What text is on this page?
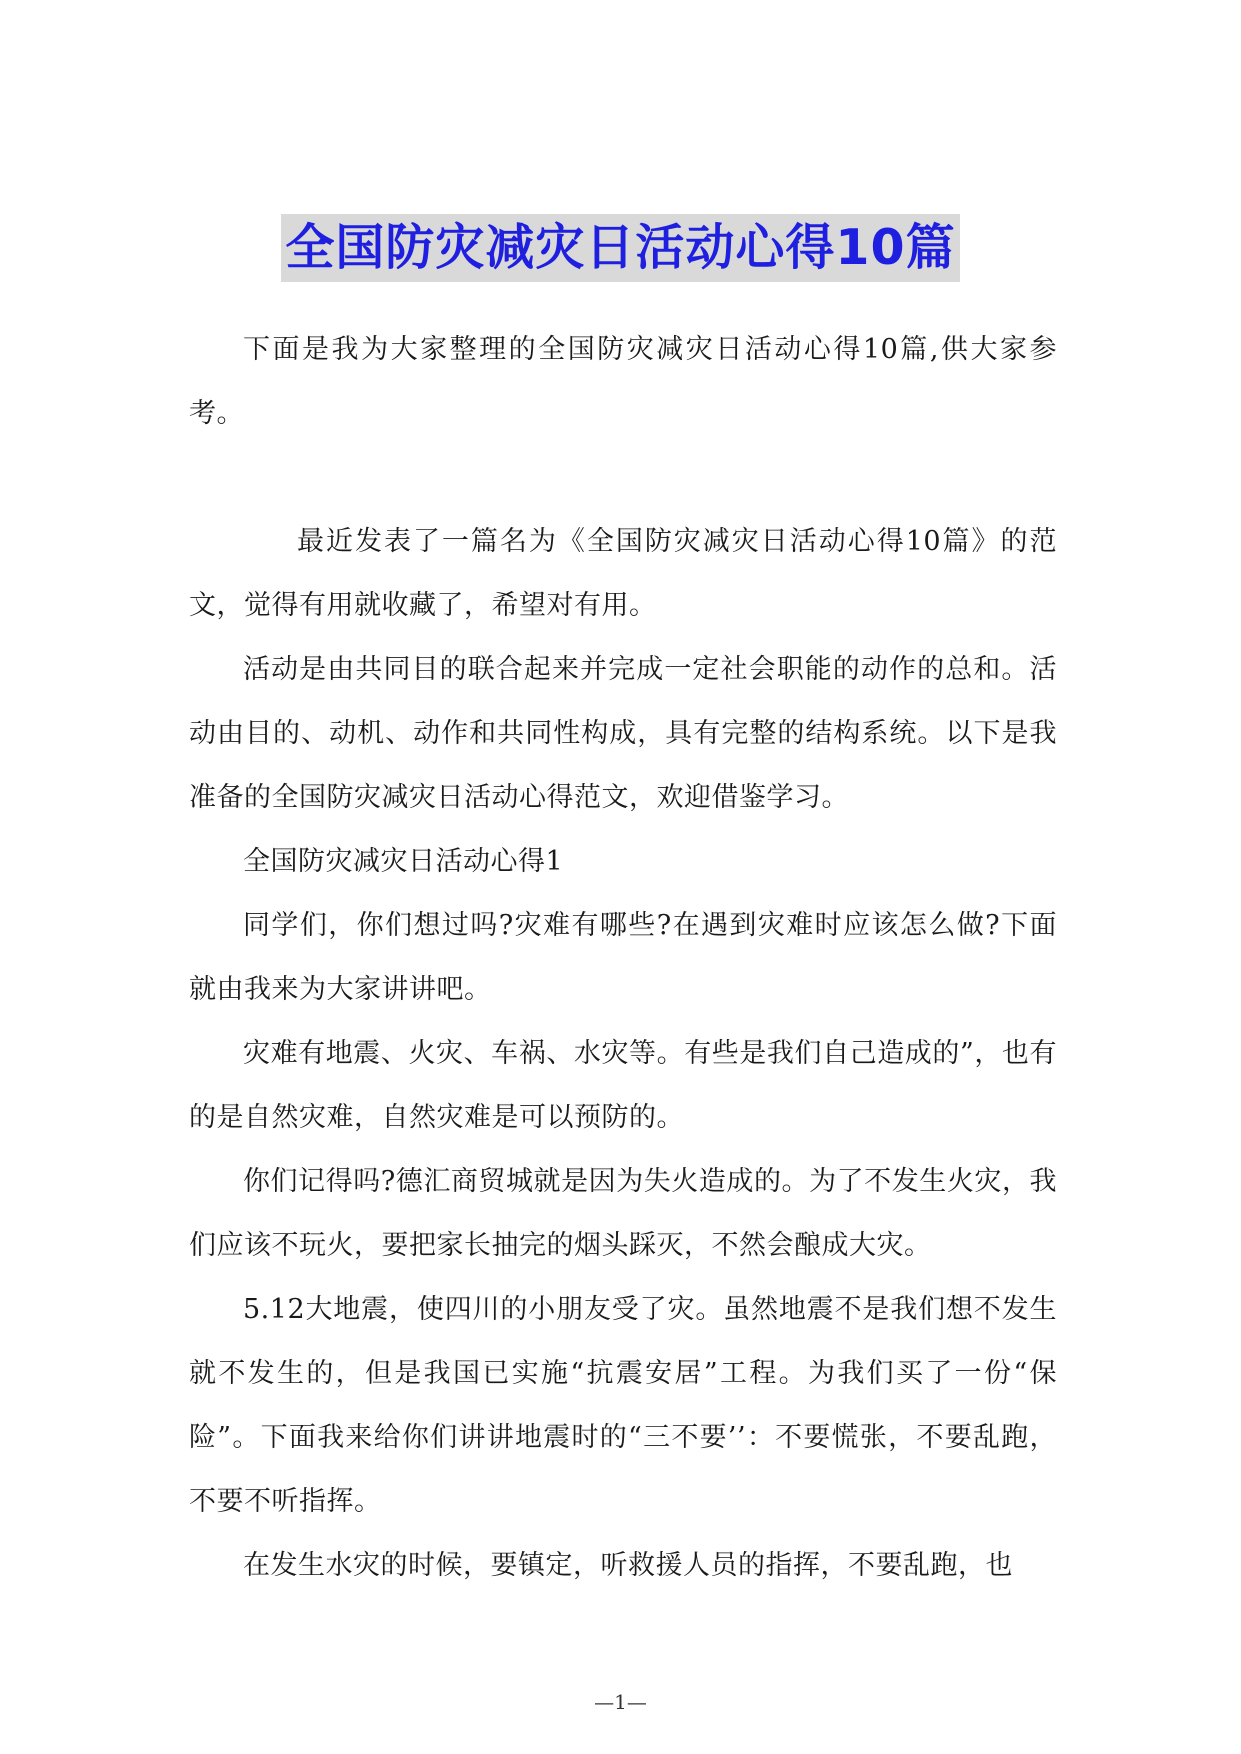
全国防灾减灾日活动心得10篇

下面是我为大家整理的全国防灾减灾日活动心得10篇,供大家参考。

最近发表了一篇名为《全国防灾减灾日活动心得10篇》的范文，觉得有用就收藏了，希望对有用。

活动是由共同目的联合起来并完成一定社会职能的动作的总和。活动由目的、动机、动作和共同性构成，具有完整的结构系统。以下是我准备的全国防灾减灾日活动心得范文，欢迎借鉴学习。

全国防灾减灾日活动心得1

同学们，你们想过吗?灾难有哪些?在遇到灾难时应该怎么做?下面就由我来为大家讲讲吧。

灾难有地震、火灾、车祸、水灾等。有些是我们自己造成的”，也有的是自然灾难，自然灾难是可以预防的。

你们记得吗?德汇商贸城就是因为失火造成的。为了不发生火灾，我们应该不玩火，要把家长抽完的烟头踩灭，不然会酿成大灾。

5.12大地震，使四川的小朋友受了灾。虽然地震不是我们想不发生就不发生的，但是我国已实施“抗震安居”工程。为我们买了一份“保险”。下面我来给你们讲讲地震时的“三不要’’：不要慌张，不要乱跑，不要不听指挥。

在发生水灾的时候，要镇定，听救援人员的指挥，不要乱跑，也

—1—
